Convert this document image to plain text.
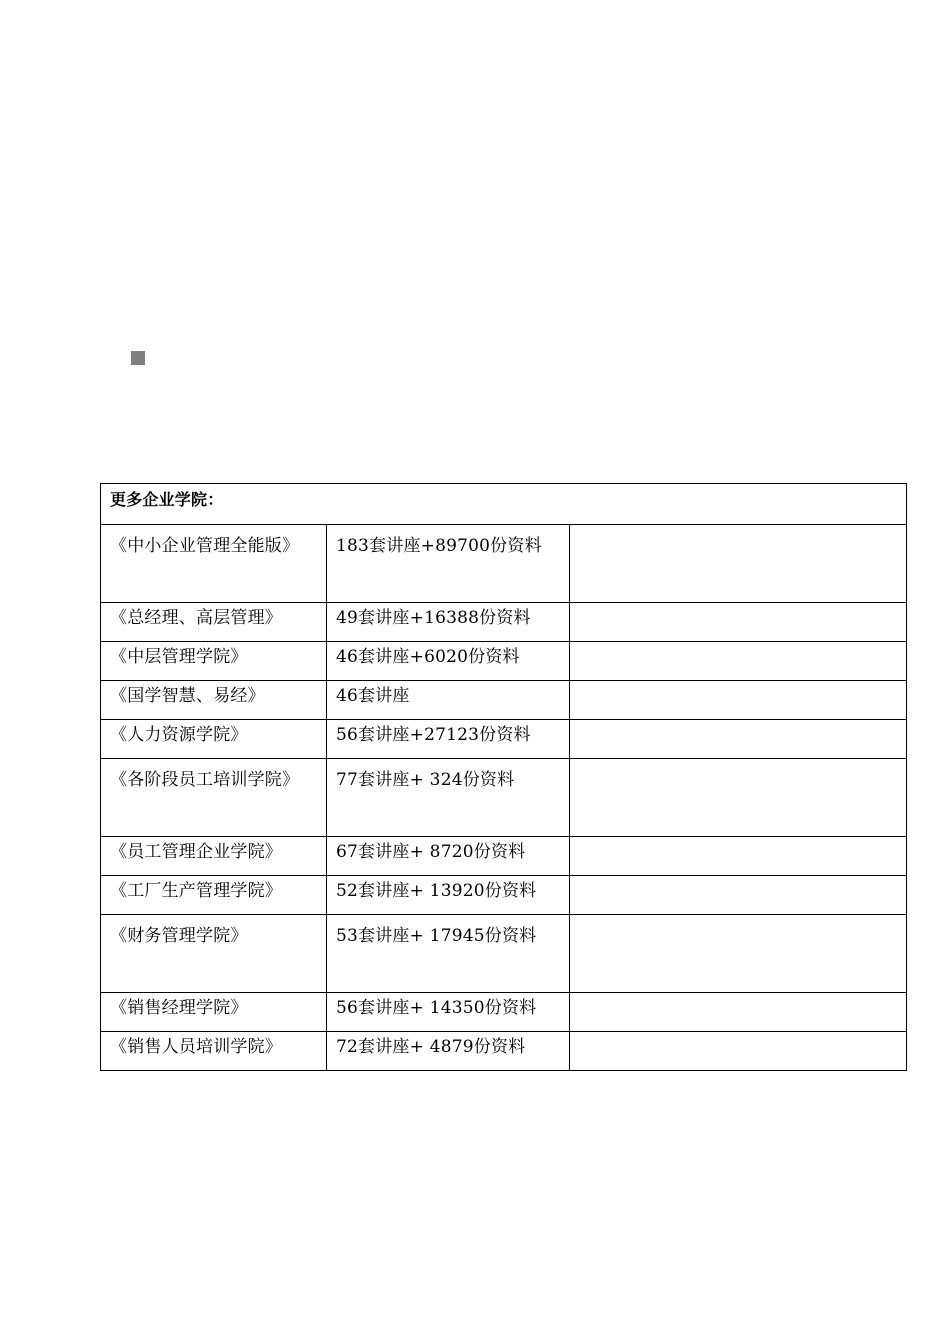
更多企业学院：		
《中小企业管理全能版》	183套讲座+89700份资料	
《总经理、高层管理》	49套讲座+16388份资料	
《中层管理学院》	46套讲座+6020份资料	
《国学智慧、易经》	46套讲座	
《人力资源学院》	56套讲座+27123份资料	
《各阶段员工培训学院》	77套讲座+ 324份资料	
《员工管理企业学院》	67套讲座+ 8720份资料	
《工厂生产管理学院》	52套讲座+ 13920份资料	
《财务管理学院》	53套讲座+ 17945份资料	
《销售经理学院》	56套讲座+ 14350份资料	
《销售人员培训学院》	72套讲座+ 4879份资料	
